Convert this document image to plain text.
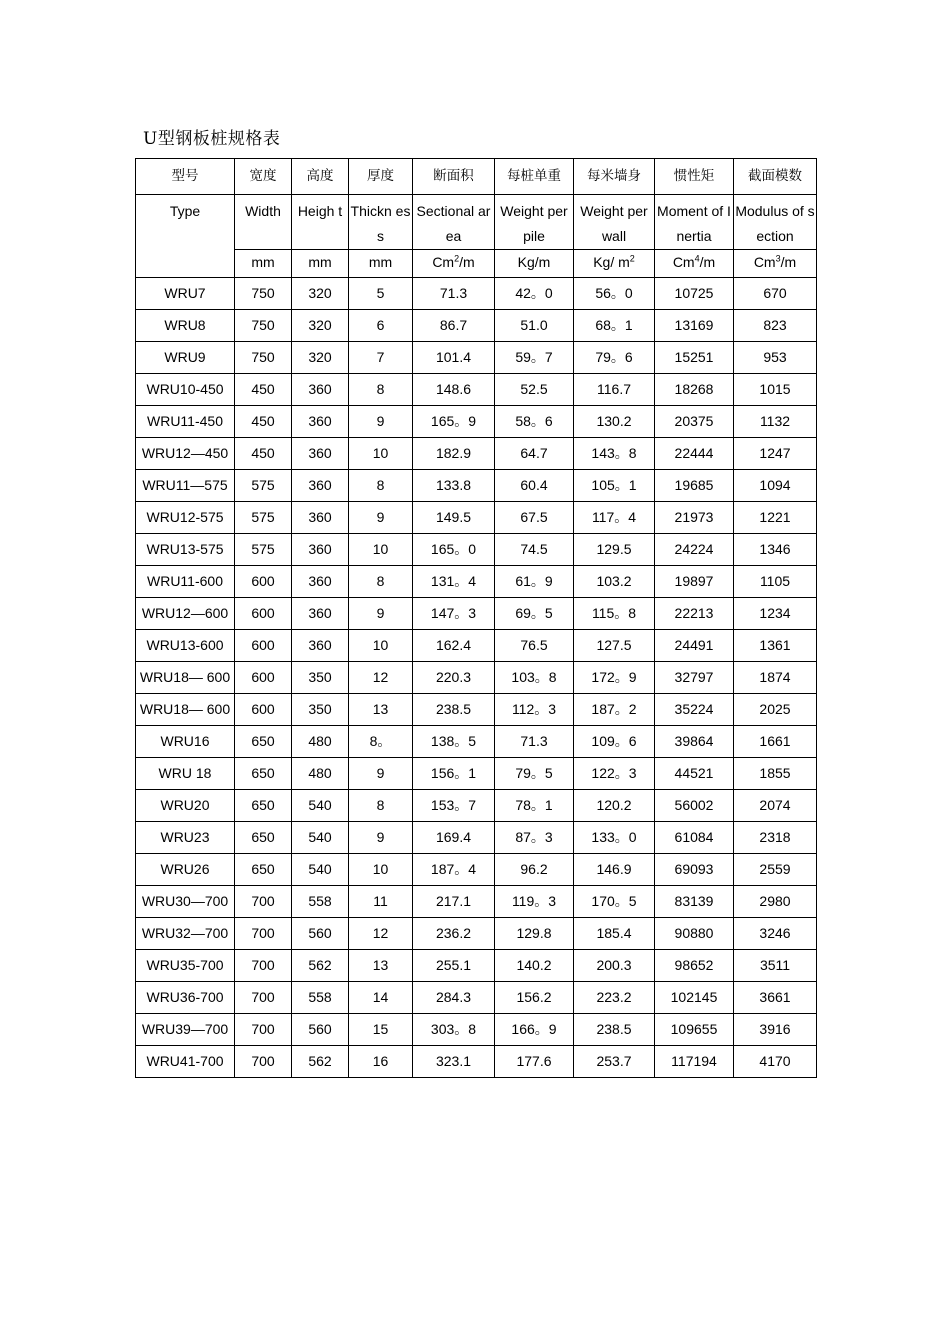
U型钢板桩规格表
型号	宽度	高度	厚度	断面积	每桩单重	每米墙身	惯性矩	截面模数
Type	Width	Heigh t	Thickn ess	Sectional area	Weight per pile	Weight per wall	Moment of Inertia	Modulus of section
	mm	mm	mm	Cm$^2$/m	Kg/m	Kg/ $m^2$	Cm$^4$/m	Cm$^3$/m
WRU7	750	320	5	71.3	42。0	56。0	10725	670
WRU8	750	320	6	86.7	51.0	68。1	13169	823
WRU9	750	320	7	101.4	59。7	79。6	15251	953
WRU10-450	450	360	8	148.6	52.5	116.7	18268	1015
WRU11-450	450	360	9	165。9	58。6	130.2	20375	1132
WRU12—450	450	360	10	182.9	64.7	143。8	22444	1247
WRU11—575	575	360	8	133.8	60.4	105。1	19685	1094
WRU12-575	575	360	9	149.5	67.5	117。4	21973	1221
WRU13-575	575	360	10	165。0	74.5	129.5	24224	1346
WRU11-600	600	360	8	131。4	61。9	103.2	19897	1105
WRU12—600	600	360	9	147。3	69。5	115。8	22213	1234
WRU13-600	600	360	10	162.4	76.5	127.5	24491	1361
WRU18— 600	600	350	12	220.3	103。8	172。9	32797	1874
WRU18— 600	600	350	13	238.5	112。3	187。2	35224	2025
WRU16	650	480	8。	138。5	71.3	109。6	39864	1661
WRU 18	650	480	9	156。1	79。5	122。3	44521	1855
WRU20	650	540	8	153。7	78。1	120.2	56002	2074
WRU23	650	540	9	169.4	87。3	133。0	61084	2318
WRU26	650	540	10	187。4	96.2	146.9	69093	2559
WRU30—700	700	558	11	217.1	119。3	170。5	83139	2980
WRU32—700	700	560	12	236.2	129.8	185.4	90880	3246
WRU35-700	700	562	13	255.1	140.2	200.3	98652	3511
WRU36-700	700	558	14	284.3	156.2	223.2	102145	3661
WRU39—700	700	560	15	303。8	166。9	238.5	109655	3916
WRU41-700	700	562	16	323.1	177.6	253.7	117194	4170
